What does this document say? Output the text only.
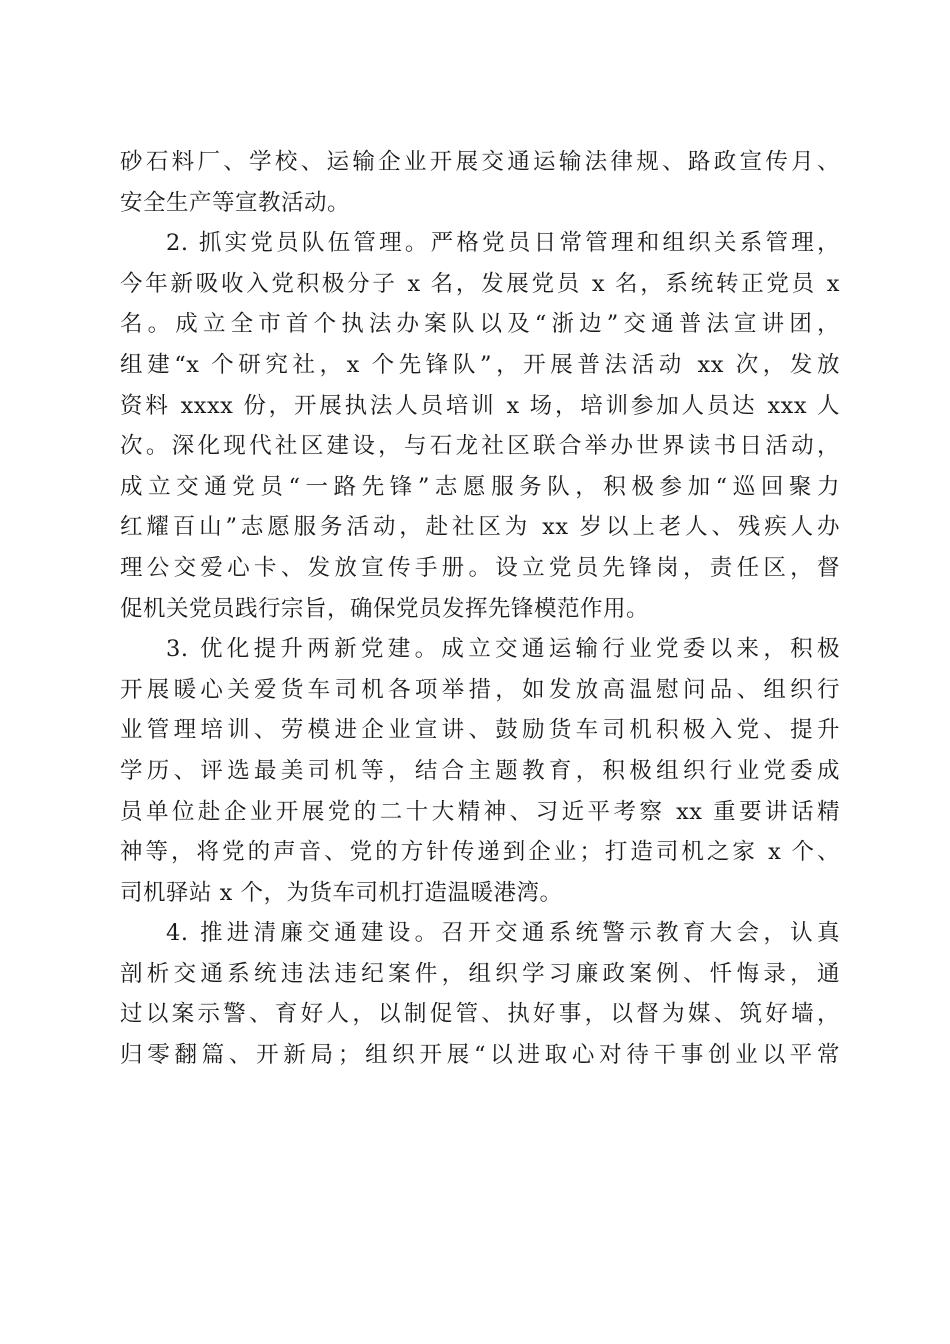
砂石料厂、学校、运输企业开展交通运输法律规、路政宣传月、
安全生产等宣教活动。
2. 抓实党员队伍管理。严格党员日常管理和组织关系管理，
今年新吸收入党积极分子 x 名，发展党员 x 名，系统转正党员 x
名。成立全市首个执法办案队以及“浙边”交通普法宣讲团，
组建“x 个研究社，x 个先锋队”，开展普法活动 xx 次，发放
资料 xxxx 份，开展执法人员培训 x 场，培训参加人员达 xxx 人
次。深化现代社区建设，与石龙社区联合举办世界读书日活动，
成立交通党员“一路先锋”志愿服务队，积极参加“巡回聚力
红耀百山”志愿服务活动，赴社区为 xx 岁以上老人、残疾人办
理公交爱心卡、发放宣传手册。设立党员先锋岗，责任区，督
促机关党员践行宗旨，确保党员发挥先锋模范作用。
3. 优化提升两新党建。成立交通运输行业党委以来，积极
开展暖心关爱货车司机各项举措，如发放高温慰问品、组织行
业管理培训、劳模进企业宣讲、鼓励货车司机积极入党、提升
学历、评选最美司机等，结合主题教育，积极组织行业党委成
员单位赴企业开展党的二十大精神、习近平考察 xx 重要讲话精
神等，将党的声音、党的方针传递到企业；打造司机之家 x 个、
司机驿站 x 个，为货车司机打造温暖港湾。
4. 推进清廉交通建设。召开交通系统警示教育大会，认真
剖析交通系统违法违纪案件，组织学习廉政案例、忏悔录，通
过以案示警、育好人，以制促管、执好事，以督为媒、筑好墙，
归零翻篇、开新局；组织开展“以进取心对待干事创业以平常
